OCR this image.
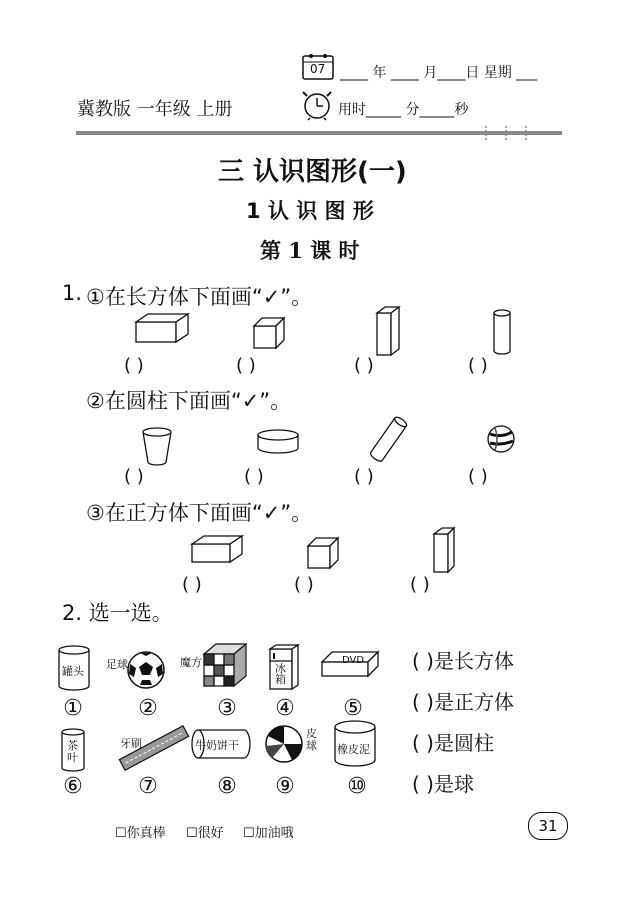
07 ____ 年 ____ 月____日 星期 ___
冀教版 一年级 上册	用时_____ 分_____秒
三 认识图形(一)
1 认 识 图 形
第 1 课 时
1. ①在长方体下面画“✓”。
( )	( )	( )	( )
②在圆柱下面画“✓”。
( )	( )	( )	( )
③在正方体下面画“✓”。
( )	( )	( )
2. 选一选。
罐头
①
足球
②
魔方
③
冰箱
④
DVD
⑤
茶叶
⑥
牙刷
⑦
牛奶饼干
⑧
皮球
⑨
橡皮泥
⑩
( )是长方体
( )是正方体
( )是圆柱
( )是球
☐你真棒 ☐很好 ☐加油哦	31
